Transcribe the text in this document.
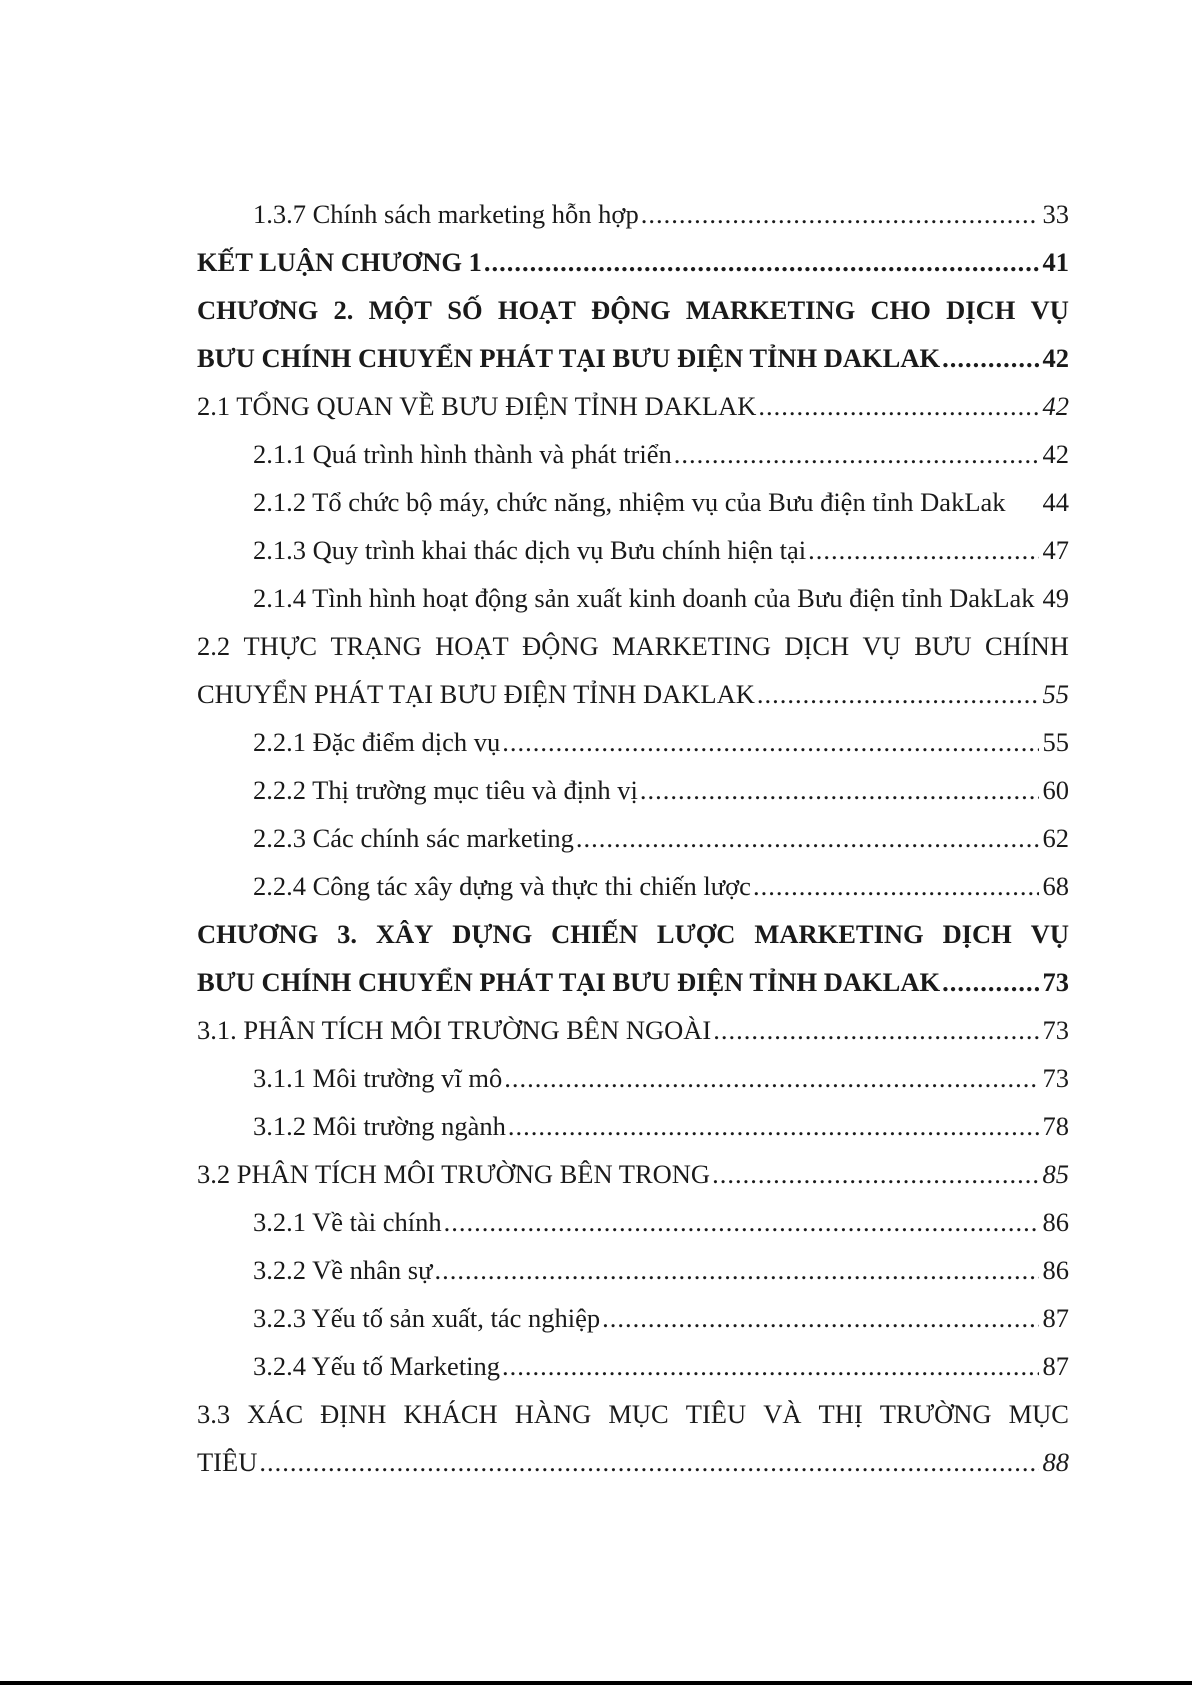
1.3.7 Chính sách marketing hỗn hợp .....	33
KẾT LUẬN CHƯƠNG 1 .....	41
CHƯƠNG 2. MỘT SỐ HOẠT ĐỘNG MARKETING CHO DỊCH VỤ
BƯU CHÍNH CHUYỂN PHÁT TẠI BƯU ĐIỆN TỈNH DAKLAK .....	42
2.1 TỔNG QUAN VỀ BƯU ĐIỆN TỈNH DAKLAK .....	42
2.1.1 Quá trình hình thành và phát triển .....	42
2.1.2 Tổ chức bộ máy, chức năng, nhiệm vụ của Bưu điện tỉnh DakLak 44
2.1.3 Quy trình khai thác dịch vụ Bưu chính hiện tại .....	47
2.1.4 Tình hình hoạt động sản xuất kinh doanh của Bưu điện tỉnh DakLak 49
2.2 THỰC TRẠNG HOẠT ĐỘNG MARKETING DỊCH VỤ BƯU CHÍNH
CHUYỂN PHÁT TẠI BƯU ĐIỆN TỈNH DAKLAK .....	55
2.2.1 Đặc điểm dịch vụ .....	55
2.2.2 Thị trường mục tiêu và định vị .....	60
2.2.3 Các chính sác marketing .....	62
2.2.4 Công tác xây dựng và thực thi chiến lược .....	68
CHƯƠNG 3. XÂY DỰNG CHIẾN LƯỢC MARKETING DỊCH VỤ
BƯU CHÍNH CHUYỂN PHÁT TẠI BƯU ĐIỆN TỈNH DAKLAK .....	73
3.1. PHÂN TÍCH MÔI TRƯỜNG BÊN NGOÀI .....	73
3.1.1 Môi trường vĩ mô .....	73
3.1.2 Môi trường ngành .....	78
3.2 PHÂN TÍCH MÔI TRƯỜNG BÊN TRONG .....	85
3.2.1 Về tài chính .....	86
3.2.2 Về nhân sự .....	86
3.2.3 Yếu tố sản xuất, tác nghiệp .....	87
3.2.4 Yếu tố Marketing .....	87
3.3 XÁC ĐỊNH KHÁCH HÀNG MỤC TIÊU VÀ THỊ TRƯỜNG MỤC
TIÊU .....	88
